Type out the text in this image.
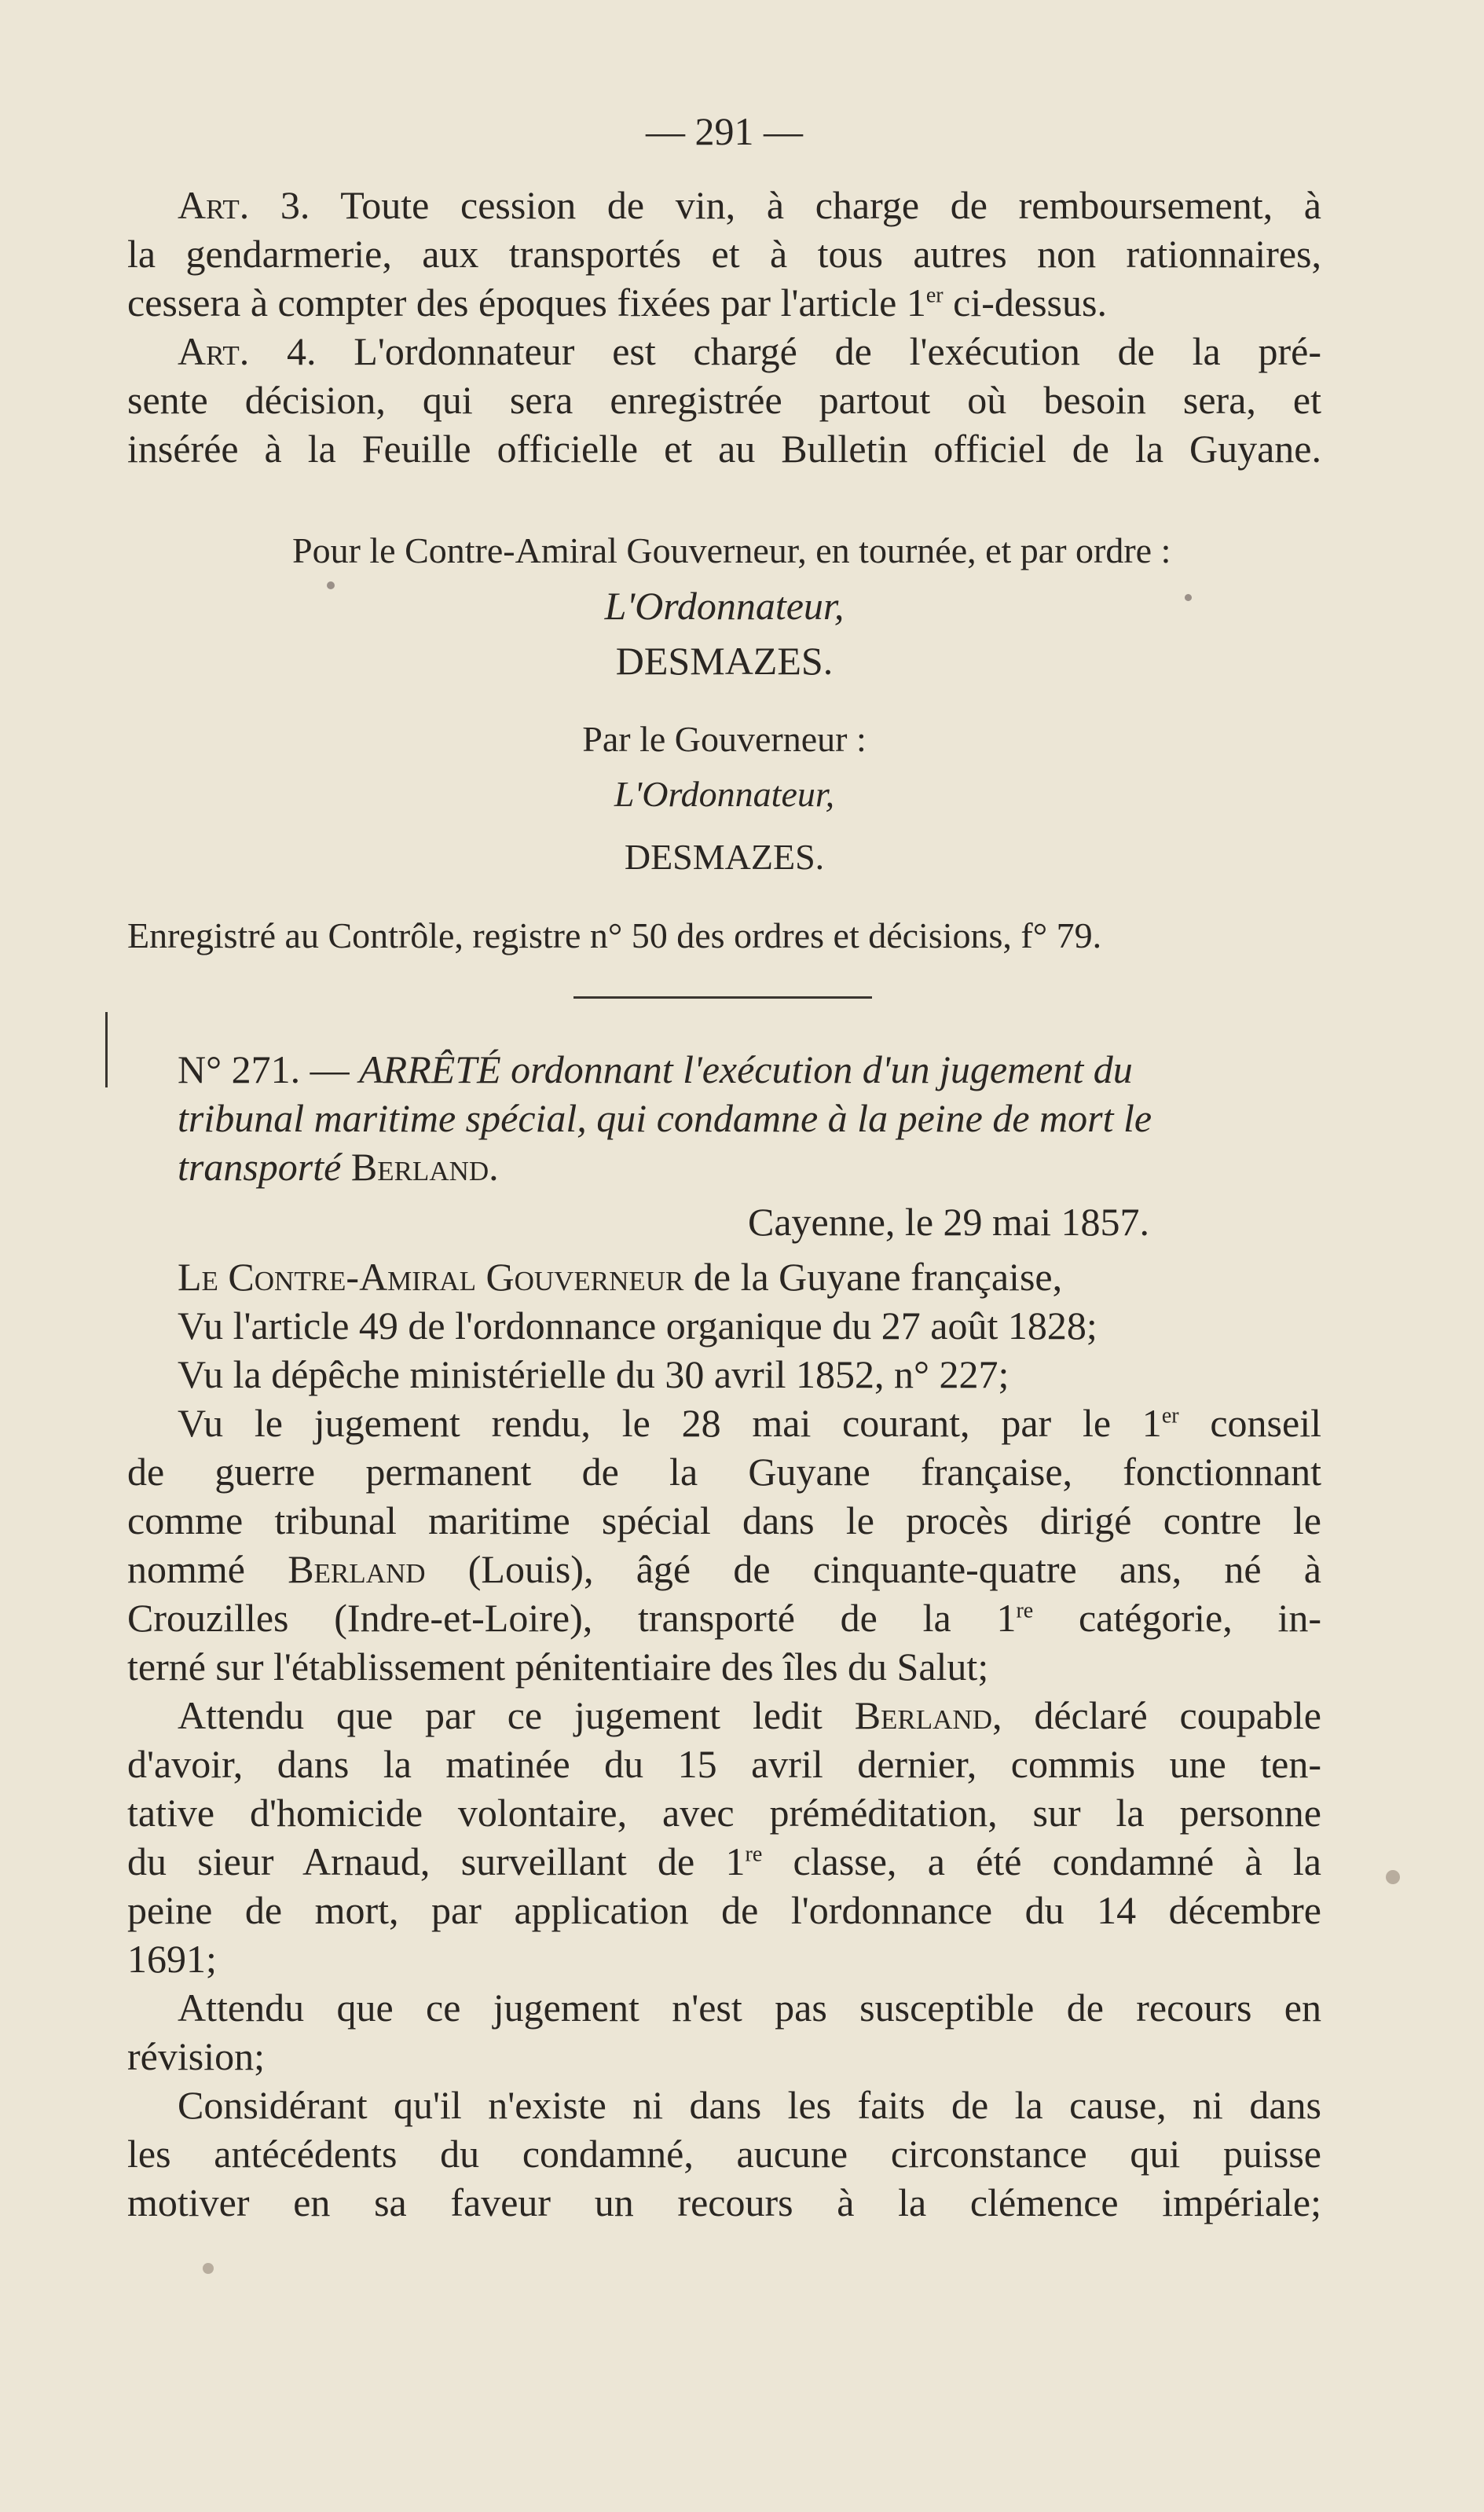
— 291 —
Art. 3. Toute cession de vin, à charge de remboursement, à
la gendarmerie, aux transportés et à tous autres non rationnaires,
cessera à compter des époques fixées par l'article 1er ci-dessus.
Art. 4. L'ordonnateur est chargé de l'exécution de la pré-
sente décision, qui sera enregistrée partout où besoin sera, et
insérée à la Feuille officielle et au Bulletin officiel de la Guyane.
Pour le Contre-Amiral Gouverneur, en tournée, et par ordre :
L'Ordonnateur,
DESMAZES.
Par le Gouverneur :
L'Ordonnateur,
DESMAZES.
Enregistré au Contrôle, registre n° 50 des ordres et décisions, f° 79.
N° 271. — ARRÊTÉ ordonnant l'exécution d'un jugement du
tribunal maritime spécial, qui condamne à la peine de mort le
transporté Berland.
Cayenne, le 29 mai 1857.
Le Contre-Amiral Gouverneur de la Guyane française,
Vu l'article 49 de l'ordonnance organique du 27 août 1828;
Vu la dépêche ministérielle du 30 avril 1852, n° 227;
Vu le jugement rendu, le 28 mai courant, par le 1er conseil
de guerre permanent de la Guyane française, fonctionnant
comme tribunal maritime spécial dans le procès dirigé contre le
nommé Berland (Louis), âgé de cinquante-quatre ans, né à
Crouzilles (Indre-et-Loire), transporté de la 1re catégorie, in-
terné sur l'établissement pénitentiaire des îles du Salut;
Attendu que par ce jugement ledit Berland, déclaré coupable
d'avoir, dans la matinée du 15 avril dernier, commis une ten-
tative d'homicide volontaire, avec préméditation, sur la personne
du sieur Arnaud, surveillant de 1re classe, a été condamné à la
peine de mort, par application de l'ordonnance du 14 décembre
1691;
Attendu que ce jugement n'est pas susceptible de recours en
révision;
Considérant qu'il n'existe ni dans les faits de la cause, ni dans
les antécédents du condamné, aucune circonstance qui puisse
motiver en sa faveur un recours à la clémence impériale;
